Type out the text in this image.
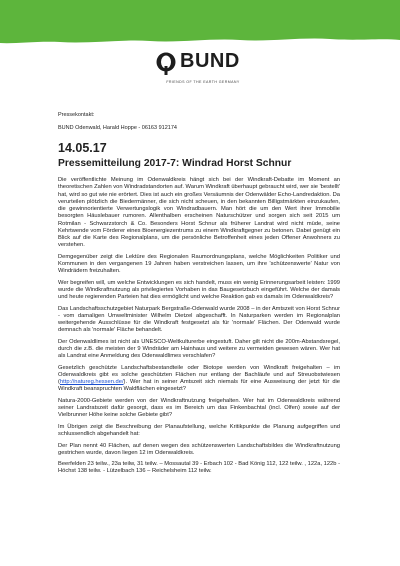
BUND
FRIENDS OF THE EARTH GERMANY

Pressekontakt:

BUND Odenwald, Harald Hoppe - 06163 912174

14.05.17
Pressemitteilung 2017-7: Windrad Horst Schnur

Die veröffentlichte Meinung im Odenwaldkreis hängt sich bei der Windkraft-Debatte im Moment an theoretischen Zahlen von Windradstandorten auf. Warum Windkraft überhaupt gebraucht wird, wer sie 'bestellt' hat, wird so gut wie nie erörtert. Dies ist auch ein großes Versäumnis der Odenwälder Echo-Landredaktion. Da verurteilen plötzlich die Biedermänner, die sich nicht scheuen, in den bekannten Billigstmärkten einzukaufen, die gewinnorientierte Verwertungslogik von Windradbauern. Man hört die um den Wert ihrer Immobilie besorgten Häuslebauer rumoren. Allenthalben erscheinen Naturschützer und sorgen sich seit 2015 um Rotmilan - Schwarzstorch & Co. Besonders Horst Schnur als früherer Landrat wird nicht müde, seine Kehrtwende vom Förderer eines Bioenergiezentrums zu einem Windkraftgegner zu betonen. Dabei genügt ein Blick auf die Karte des Regionalplans, um die persönliche Betroffenheit eines jeden Offener Anwohners zu verstehen.

Demgegenüber zeigt die Lektüre des Regionalen Raumordnungsplans, welche Möglichkeiten Politiker und Kommunen in den vergangenen 19 Jahren haben verstreichen lassen, um ihre 'schützenswerte' Natur von Windrädern freizuhalten.

Wer begreifen will, um welche Entwicklungen es sich handelt, muss ein wenig Erinnerungsarbeit leisten: 1999 wurde die Windkraftnutzung als privilegiertes Vorhaben in das Baugesetzbuch eingeführt. Welche der damals und heute regierenden Parteien hat dies ermöglicht und welche Reaktion gab es damals im Odenwaldkreis?

Das Landschaftsschutzgebiet Naturpark Bergstraße-Odenwald wurde 2008 – in der Amtszeit von Horst Schnur - vom damaligen Umweltminister Wilhelm Dietzel abgeschafft. In Naturparken werden im Regionalplan weitergehende Ausschlüsse für die Windkraft festgesetzt als für 'normale' Flächen. Der Odenwald wurde demnach als 'normale' Fläche behandelt.

Der Odenwaldlimes ist nicht als UNESCO-Weltkulturerbe eingestuft. Daher gilt nicht die 200m-Abstandsregel, durch die z.B. die meisten der 9 Windräder am Hainhaus und weitere zu vermeiden gewesen wären. Wer hat als Landrat eine Anmeldung des Odenwaldlimes verschlafen?

Gesetzlich geschützte Landschaftsbestandteile oder Biotope werden von Windkraft freigehalten – im Odenwaldkreis gibt es solche geschützten Flächen nur entlang der Bachläufe und auf Streuobstwiesen (http://natureg.hessen.de/). Wer hat in seiner Amtszeit sich niemals für eine Ausweisung der jetzt für die Windkraft beanspruchten Waldflächen eingesetzt?

Natura-2000-Gebiete werden von der Windkraftnutzung freigehalten. Wer hat im Odenwaldkreis während seiner Landratszeit dafür gesorgt, dass es im Bereich um das Finkenbachtal (incl. Olfen) sowie auf der Vielbrunner Höhe keine solche Gebiete gibt?

Im Übrigen zeigt die Beschreibung der Planaufstellung, welche Kritikpunkte die Planung aufgegriffen und schlussendlich abgehandelt hat:

Der Plan nennt 40 Flächen, auf denen wegen des schützenswerten Landschaftsbildes die Windkraftnutzung gestrichen wurde, davon liegen 12 im Odenwaldkreis.

Beerfelden 23 teilw., 23a teilw, 31 teilw. – Mossautal 39 - Erbach 102 - Bad König 112, 122 teilw. , 122a, 122b - Höchst 138 teilw. - Lützelbach 136 – Reichelsheim 112 teilw.
